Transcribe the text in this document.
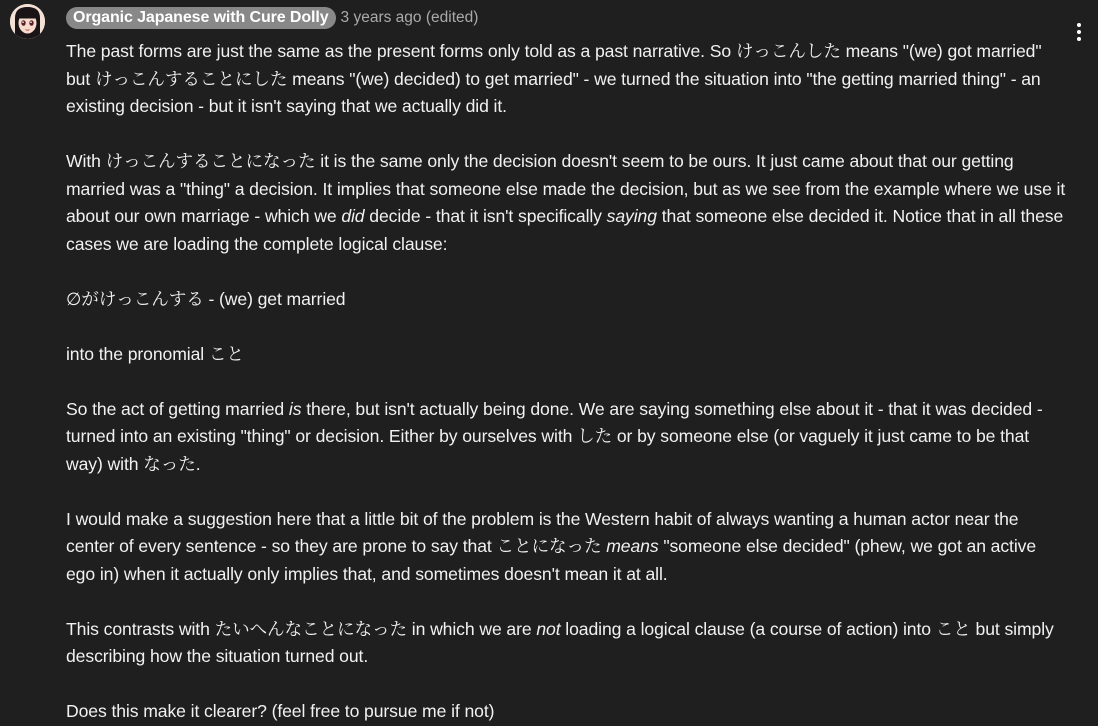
Organic Japanese with Cure Dolly 3 years ago (edited)

The past forms are just the same as the present forms only told as a past narrative. So けっこんした means "(we) got married" but けっこんすることにした means "(we) decided) to get married" - we turned the situation into "the getting married thing" - an existing decision - but it isn't saying that we actually did it.

With けっこんすることになった it is the same only the decision doesn't seem to be ours. It just came about that our getting married was a "thing" a decision. It implies that someone else made the decision, but as we see from the example where we use it about our own marriage - which we did decide - that it isn't specifically saying that someone else decided it. Notice that in all these cases we are loading the complete logical clause:

∅がけっこんする - (we) get married

into the pronomial こと

So the act of getting married is there, but isn't actually being done. We are saying something else about it - that it was decided - turned into an existing "thing" or decision. Either by ourselves with した or by someone else (or vaguely it just came to be that way) with なった.

I would make a suggestion here that a little bit of the problem is the Western habit of always wanting a human actor near the center of every sentence - so they are prone to say that ことになった means "someone else decided" (phew, we got an active ego in) when it actually only implies that, and sometimes doesn't mean it at all.

This contrasts with たいへんなことになった in which we are not loading a logical clause (a course of action) into こと but simply describing how the situation turned out.

Does this make it clearer? (feel free to pursue me if not)
